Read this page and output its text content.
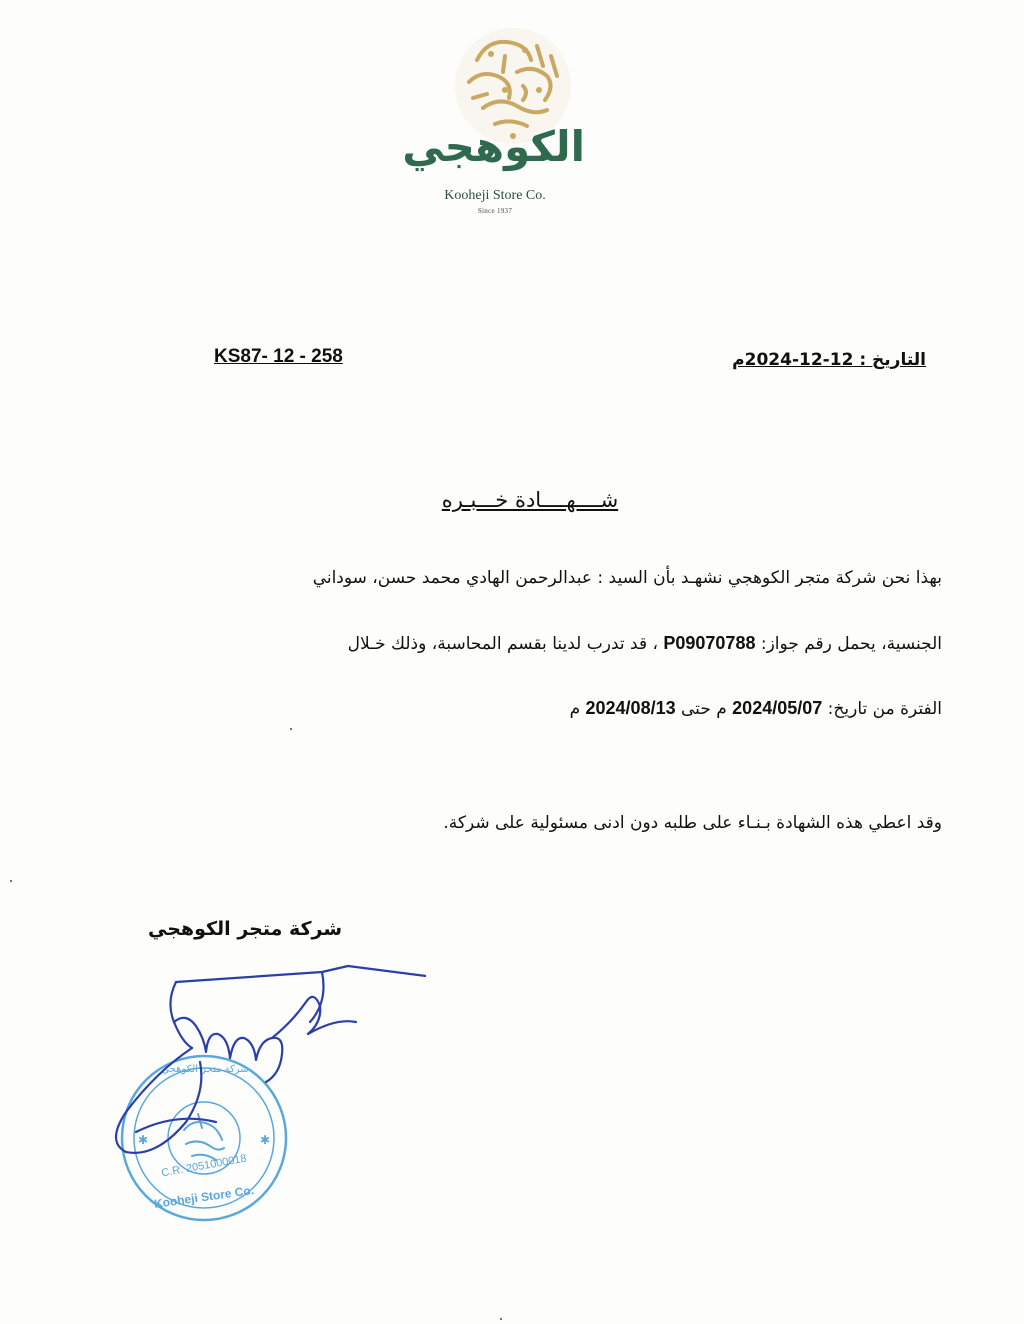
الكوهجي
Kooheji Store Co.
Since 1937
KS87- 12 - 258	التاريخ : 12-12-2024م
شــــهــــادة خـــبـره
بهذا نحن شركة متجر الكوهجي نشهـد بأن السيد : عبدالرحمن الهادي محمد حسن، سوداني
الجنسية، يحمل رقم جواز: P09070788 ، قد تدرب لدينا بقسم المحاسبة، وذلك خـلال
الفترة من تاريخ: 2024/05/07 م حتى 2024/08/13 م
وقد اعطي هذه الشهادة بـنـاء على طلبه دون ادنى مسئولية على شركة.
شركة متجر الكوهجي
✱	✱
شركة متجر الكوهجي
C.R. 2051000018
Kooheji Store Co.
